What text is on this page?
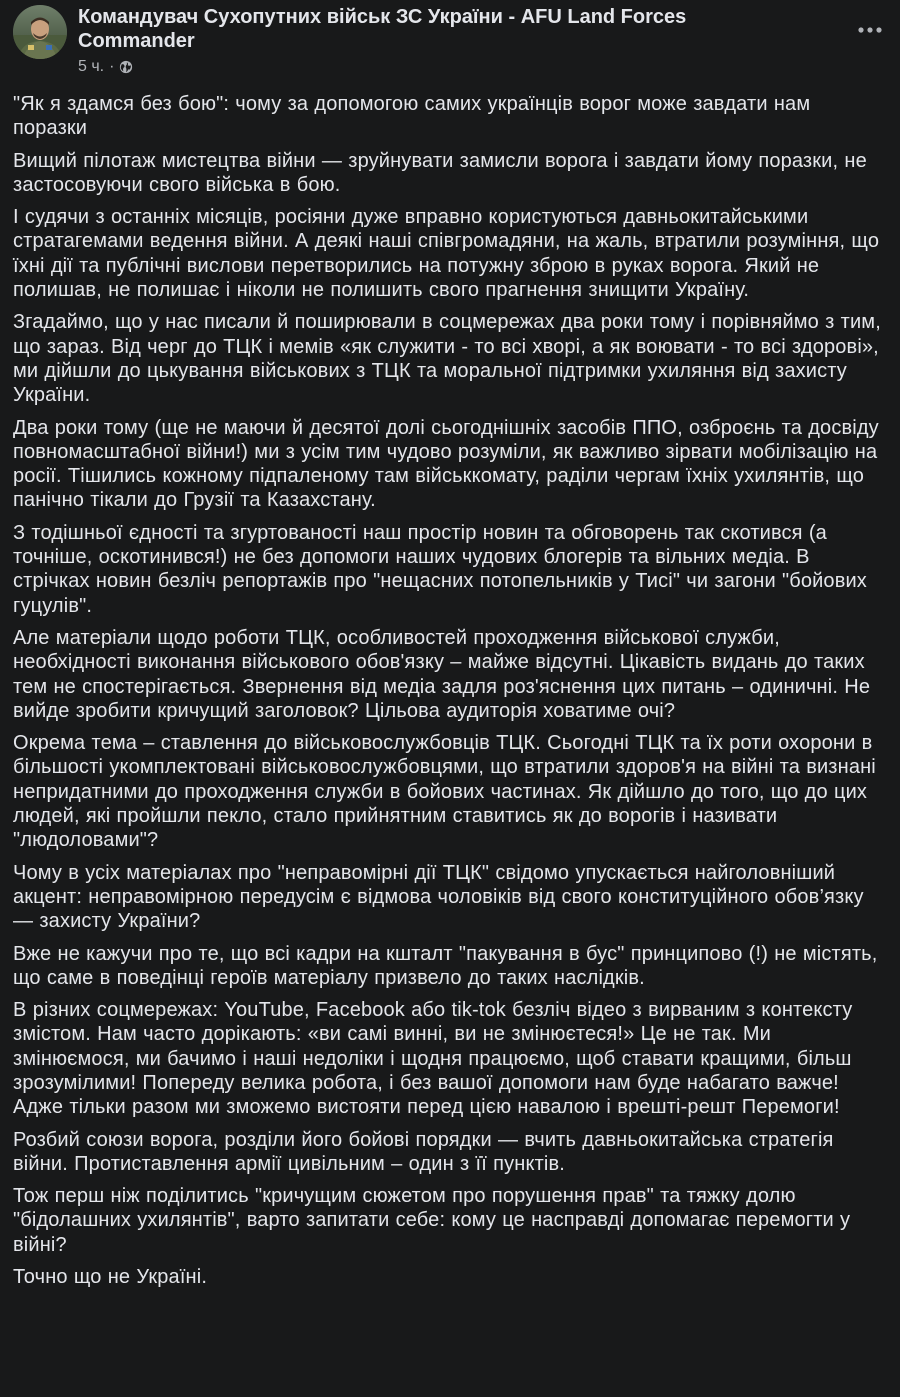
Командувач Сухопутних військ ЗС України - AFU Land Forces Commander
5 ч. ·

"Як я здамся без бою": чому за допомогою самих українців ворог може завдати нам поразки

Вищий пілотаж мистецтва війни — зруйнувати замисли ворога і завдати йому поразки, не застосовуючи свого війська в бою.

І судячи з останніх місяців, росіяни дуже вправно користуються давньокитайськими стратагемами ведення війни. А деякі наші співгромадяни, на жаль, втратили розуміння, що їхні дії та публічні вислови перетворились на потужну зброю в руках ворога. Який не полишав, не полишає і ніколи не полишить свого прагнення знищити Україну.

Згадаймо, що у нас писали й поширювали в соцмережах два роки тому і порівняймо з тим, що зараз. Від черг до ТЦК і мемів «як служити - то всі хворі, а як воювати - то всі здорові», ми дійшли до цькування військових з ТЦК та моральної підтримки ухиляння від захисту України.

Два роки тому (ще не маючи й десятої долі сьогоднішніх засобів ППО, озброєнь та досвіду повномасштабної війни!) ми з усім тим чудово розуміли, як важливо зірвати мобілізацію на росії. Тішились кожному підпаленому там військкомату, раділи чергам їхніх ухилянтів, що панічно тікали до Грузії та Казахстану.

З тодішньої єдності та згуртованості наш простір новин та обговорень так скотився (а точніше, оскотинився!) не без допомоги наших чудових блогерів та вільних медіа. В стрічках новин безліч репортажів про "нещасних потопельників у Тисі" чи загони "бойових гуцулів".

Але матеріали щодо роботи ТЦК, особливостей проходження військової служби, необхідності виконання військового обов'язку – майже відсутні. Цікавість видань до таких тем не спостерігається. Звернення від медіа задля роз'яснення цих питань – одиничні. Не вийде зробити кричущий заголовок? Цільова аудиторія ховатиме очі?

Окрема тема – ставлення до військовослужбовців ТЦК. Сьогодні ТЦК та їх роти охорони в більшості укомплектовані військовослужбовцями, що втратили здоров'я на війні та визнані непридатними до проходження служби в бойових частинах. Як дійшло до того, що до цих людей, які пройшли пекло, стало прийнятним ставитись як до ворогів і називати "людоловами"?

Чому в усіх матеріалах про "неправомірні дії ТЦК" свідомо упускається найголовніший акцент: неправомірною передусім є відмова чоловіків від свого конституційного обов’язку — захисту України?

Вже не кажучи про те, що всі кадри на кшталт "пакування в бус" принципово (!) не містять, що саме в поведінці героїв матеріалу призвело до таких наслідків.

В різних соцмережах: YouTube, Facebook або tik-tok безліч відео з вирваним з контексту змістом. Нам часто дорікають: «ви самі винні, ви не змінюєтеся!» Це не так. Ми змінюємося, ми бачимо і наші недоліки і щодня працюємо, щоб ставати кращими, більш зрозумілими! Попереду велика робота, і без вашої допомоги нам буде набагато важче! Адже тільки разом ми зможемо вистояти перед цією навалою і врешті-решт Перемоги!

Розбий союзи ворога, розділи його бойові порядки — вчить давньокитайська стратегія війни. Протиставлення армії цивільним – один з її пунктів.

Тож перш ніж поділитись "кричущим сюжетом про порушення прав" та тяжку долю "бідолашних ухилянтів", варто запитати себе: кому це насправді допомагає перемогти у війні?

Точно що не Україні.
